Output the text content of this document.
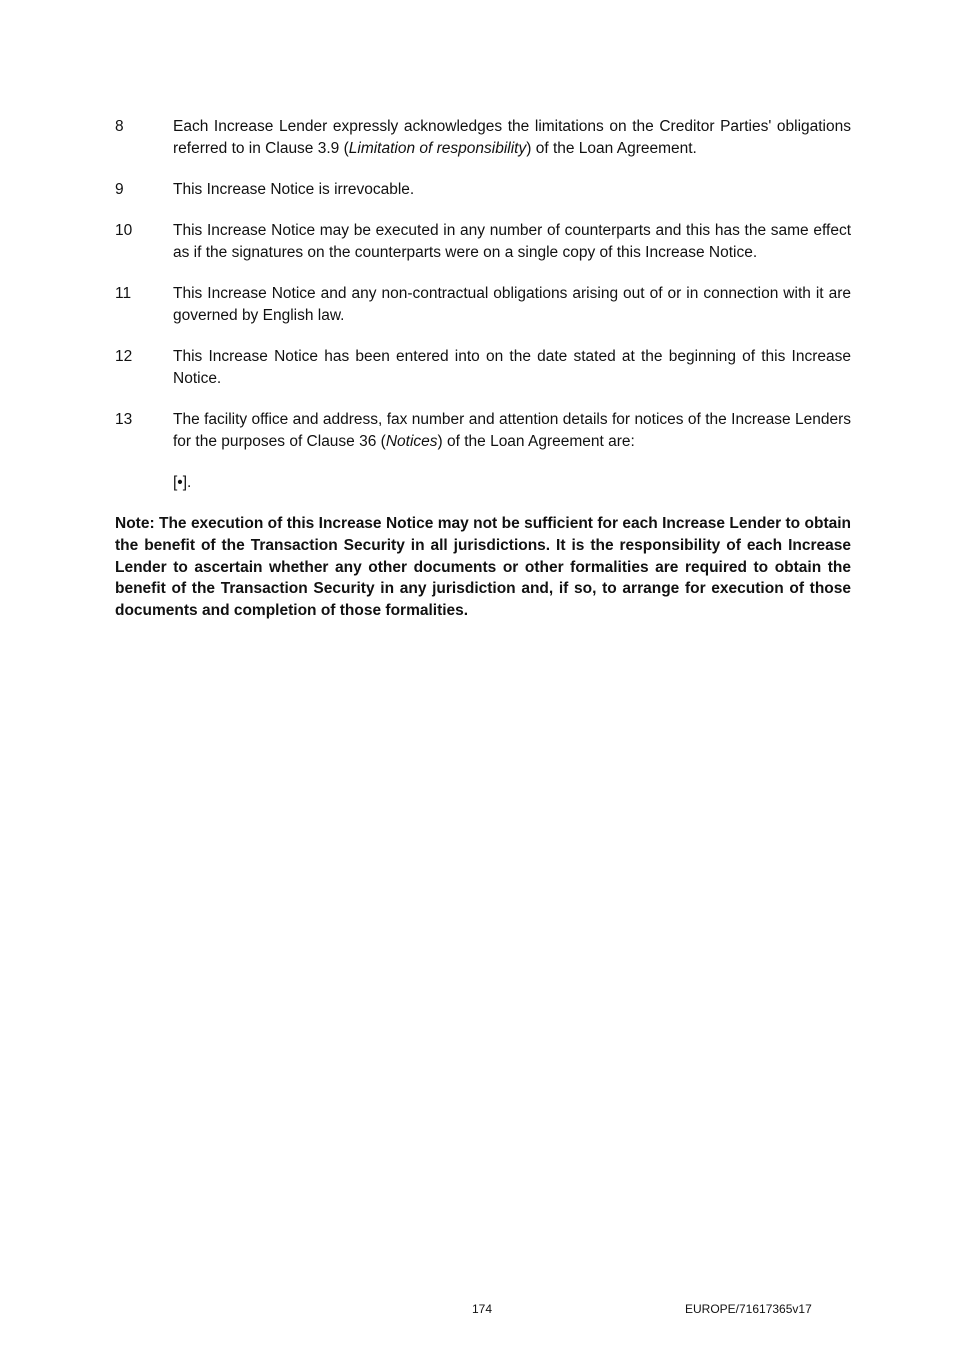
8	Each Increase Lender expressly acknowledges the limitations on the Creditor Parties' obligations referred to in Clause 3.9 (Limitation of responsibility) of the Loan Agreement.
9	This Increase Notice is irrevocable.
10	This Increase Notice may be executed in any number of counterparts and this has the same effect as if the signatures on the counterparts were on a single copy of this Increase Notice.
11	This Increase Notice and any non-contractual obligations arising out of or in connection with it are governed by English law.
12	This Increase Notice has been entered into on the date stated at the beginning of this Increase Notice.
13	The facility office and address, fax number and attention details for notices of the Increase Lenders for the purposes of Clause 36 (Notices) of the Loan Agreement are:
[•].
Note: The execution of this Increase Notice may not be sufficient for each Increase Lender to obtain the benefit of the Transaction Security in all jurisdictions. It is the responsibility of each Increase Lender to ascertain whether any other documents or other formalities are required to obtain the benefit of the Transaction Security in any jurisdiction and, if so, to arrange for execution of those documents and completion of those formalities.
174	EUROPE/71617365v17
